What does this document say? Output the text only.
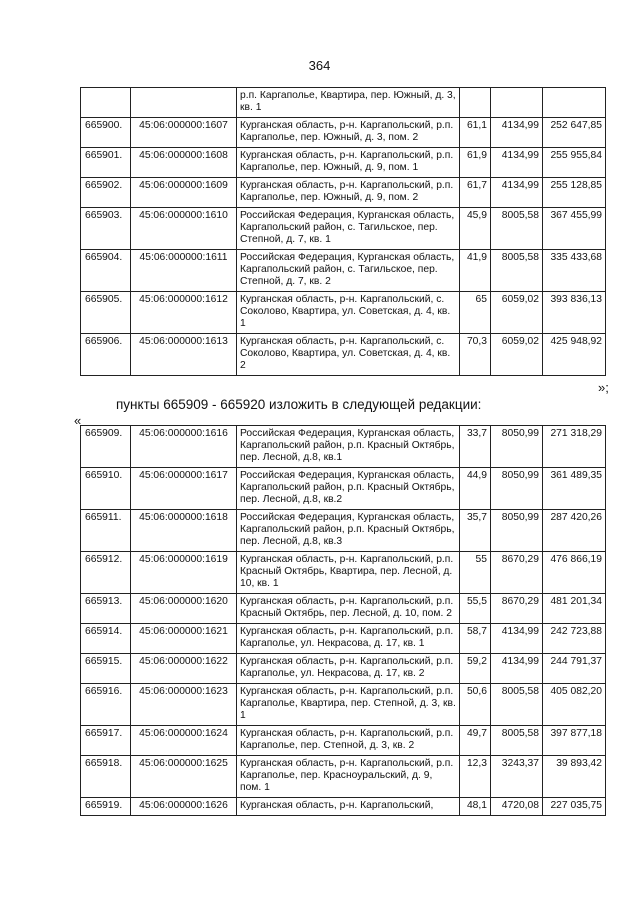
364
		р.п. Каргаполье, Квартира, пер. Южный, д. 3, кв. 1			
665900.	45:06:000000:1607	Курганская область, р-н. Каргапольский, р.п. Каргаполье, пер. Южный, д. 3, пом. 2	61,1	4134,99	252 647,85
665901.	45:06:000000:1608	Курганская область, р-н. Каргапольский, р.п. Каргаполье, пер. Южный, д. 9, пом. 1	61,9	4134,99	255 955,84
665902.	45:06:000000:1609	Курганская область, р-н. Каргапольский, р.п. Каргаполье, пер. Южный, д. 9, пом. 2	61,7	4134,99	255 128,85
665903.	45:06:000000:1610	Российская Федерация, Курганская область, Каргапольский район, с. Тагильское, пер. Степной, д. 7, кв. 1	45,9	8005,58	367 455,99
665904.	45:06:000000:1611	Российская Федерация, Курганская область, Каргапольский район, с. Тагильское, пер. Степной, д. 7, кв. 2	41,9	8005,58	335 433,68
665905.	45:06:000000:1612	Курганская область, р-н. Каргапольский, с. Соколово, Квартира, ул. Советская, д. 4, кв. 1	65	6059,02	393 836,13
665906.	45:06:000000:1613	Курганская область, р-н. Каргапольский, с. Соколово, Квартира, ул. Советская, д. 4, кв. 2	70,3	6059,02	425 948,92
»;
пункты 665909 - 665920 изложить в следующей редакции:
«
665909.	45:06:000000:1616	Российская Федерация, Курганская область, Каргапольский район, р.п. Красный Октябрь, пер. Лесной, д.8, кв.1	33,7	8050,99	271 318,29
665910.	45:06:000000:1617	Российская Федерация, Курганская область, Каргапольский район, р.п. Красный Октябрь, пер. Лесной, д.8, кв.2	44,9	8050,99	361 489,35
665911.	45:06:000000:1618	Российская Федерация, Курганская область, Каргапольский район, р.п. Красный Октябрь, пер. Лесной, д.8, кв.3	35,7	8050,99	287 420,26
665912.	45:06:000000:1619	Курганская область, р-н. Каргапольский, р.п. Красный Октябрь, Квартира, пер. Лесной, д. 10, кв. 1	55	8670,29	476 866,19
665913.	45:06:000000:1620	Курганская область, р-н. Каргапольский, р.п. Красный Октябрь, пер. Лесной, д. 10, пом. 2	55,5	8670,29	481 201,34
665914.	45:06:000000:1621	Курганская область, р-н. Каргапольский, р.п. Каргаполье, ул. Некрасова, д. 17, кв. 1	58,7	4134,99	242 723,88
665915.	45:06:000000:1622	Курганская область, р-н. Каргапольский, р.п. Каргаполье, ул. Некрасова, д. 17, кв. 2	59,2	4134,99	244 791,37
665916.	45:06:000000:1623	Курганская область, р-н. Каргапольский, р.п. Каргаполье, Квартира, пер. Степной, д. 3, кв. 1	50,6	8005,58	405 082,20
665917.	45:06:000000:1624	Курганская область, р-н. Каргапольский, р.п. Каргаполье, пер. Степной, д. 3, кв. 2	49,7	8005,58	397 877,18
665918.	45:06:000000:1625	Курганская область, р-н. Каргапольский, р.п. Каргаполье, пер. Красноуральский, д. 9, пом. 1	12,3	3243,37	39 893,42
665919.	45:06:000000:1626	Курганская область, р-н. Каргапольский,	48,1	4720,08	227 035,75
